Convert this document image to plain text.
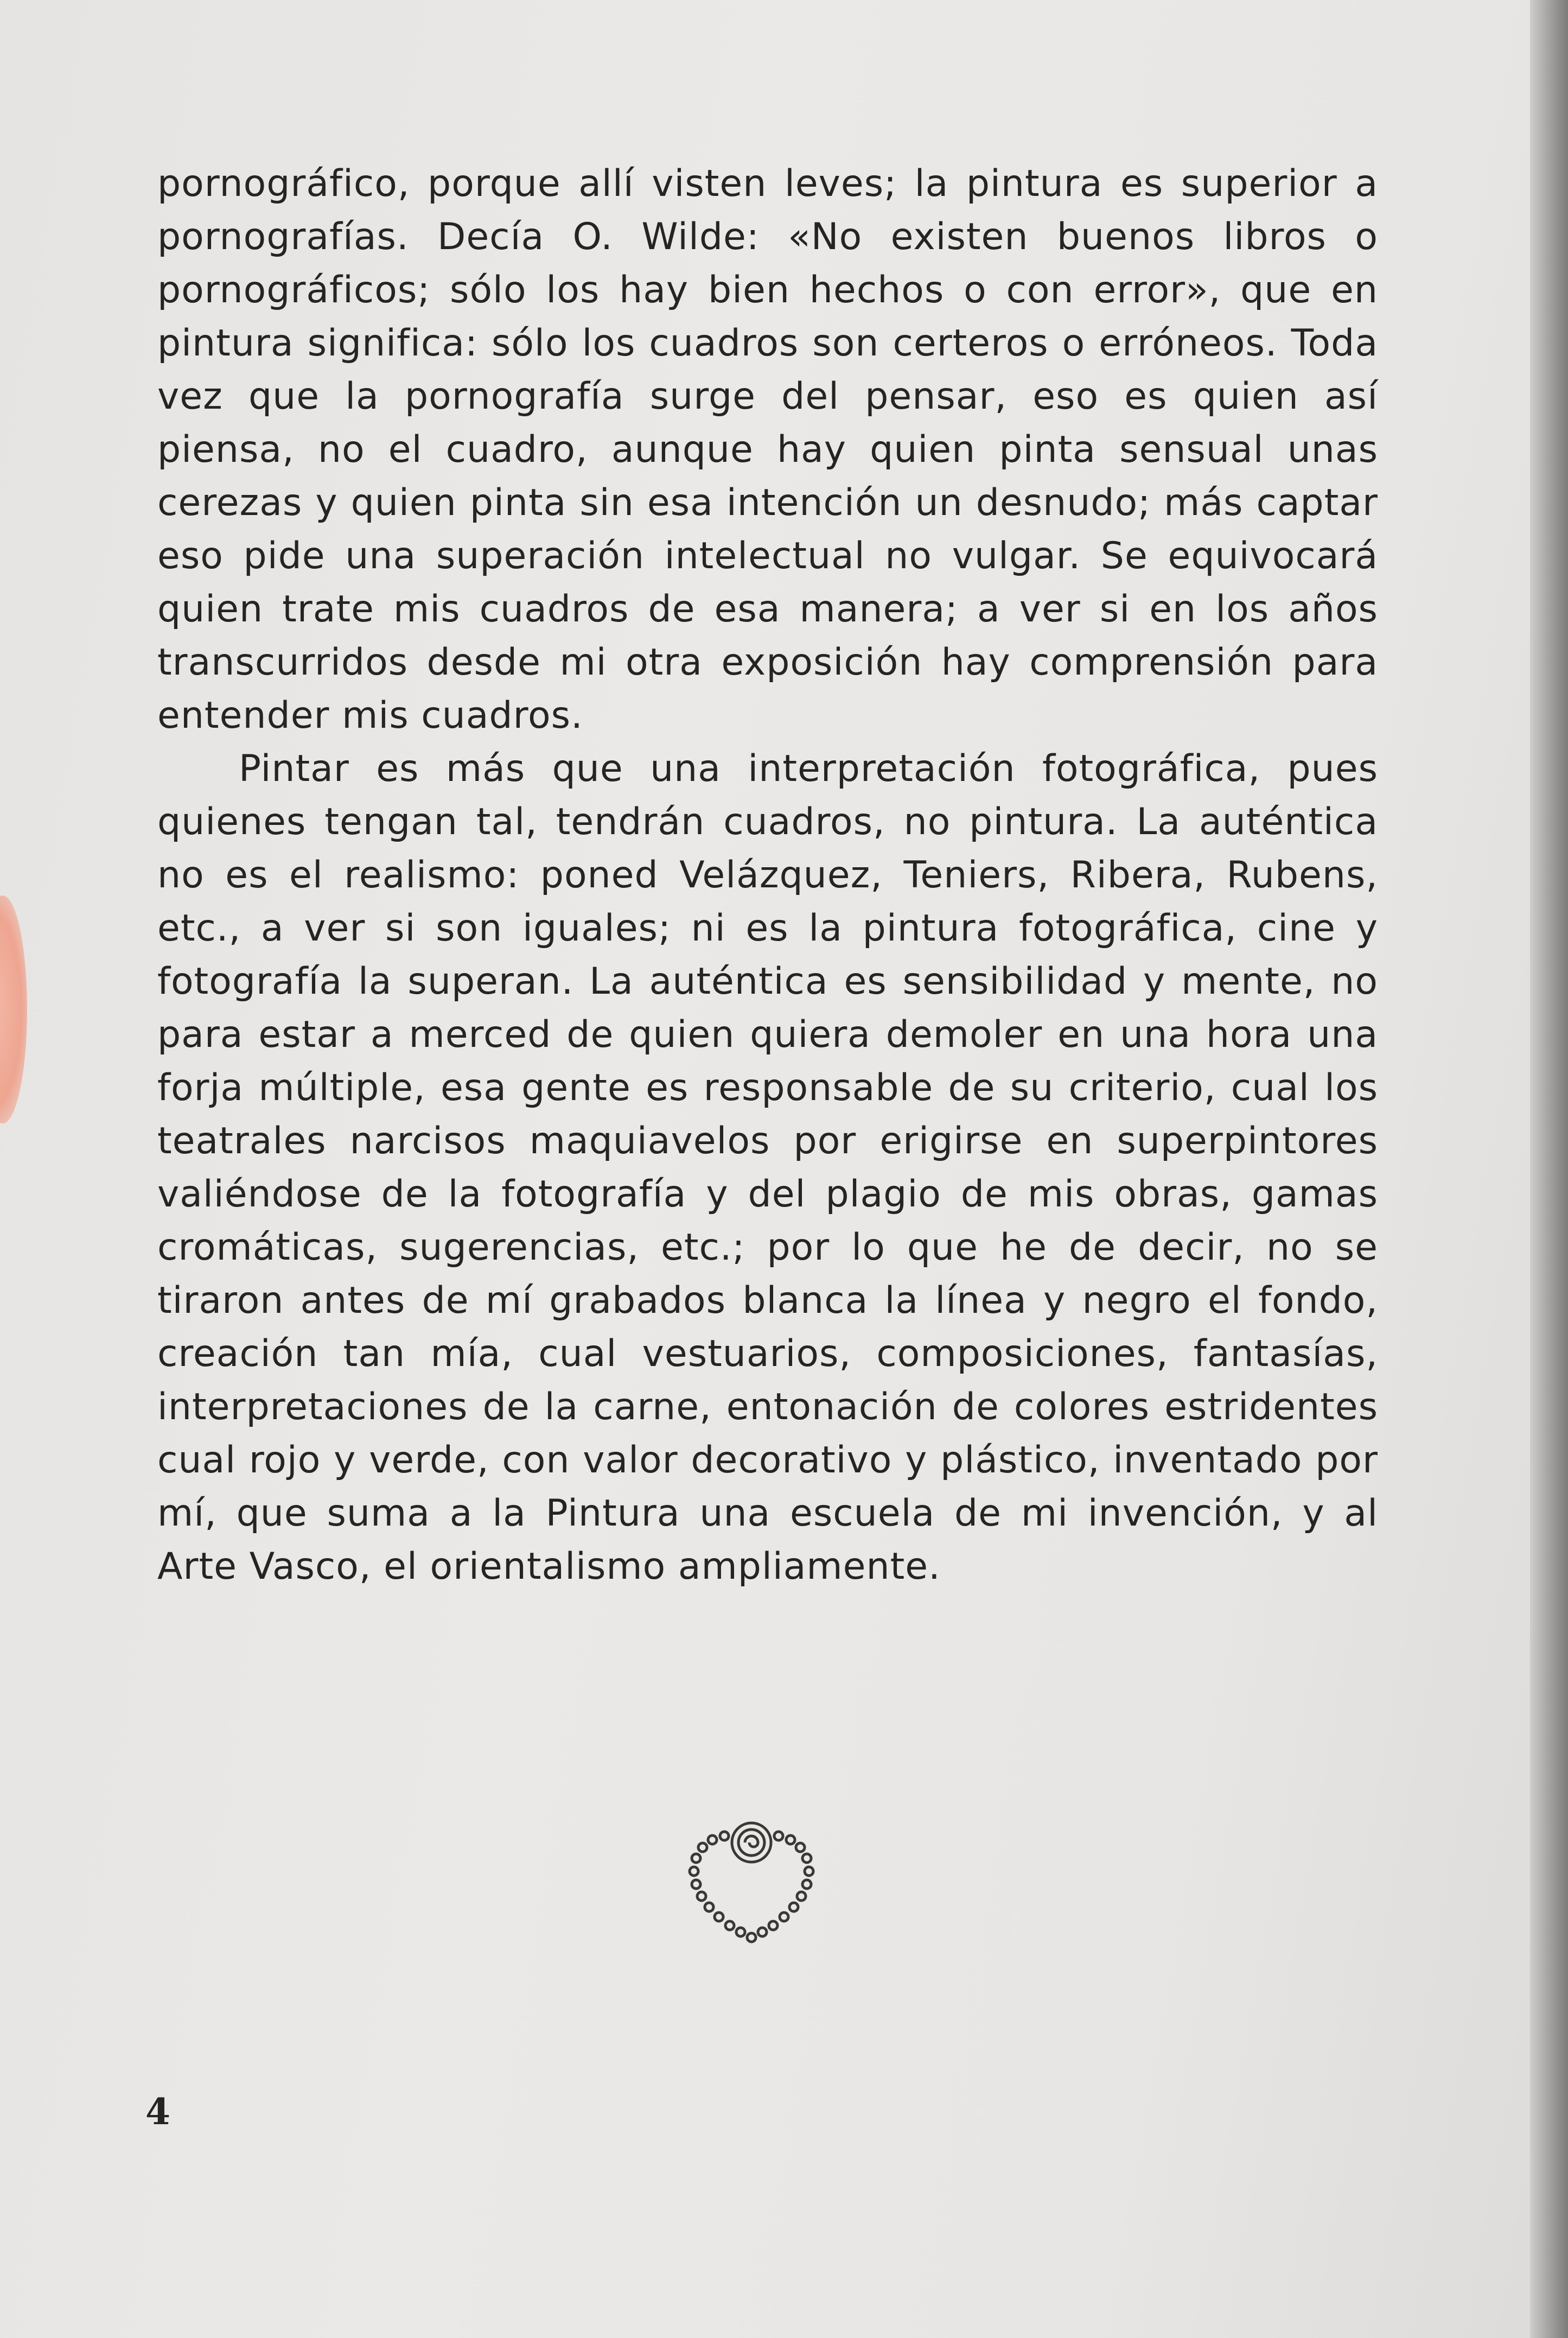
pornográfico, porque allí visten leves; la pintura es superior a pornografías. Decía O. Wilde: «No existen buenos libros o pornográficos; sólo los hay bien hechos o con error», que en pintura significa: sólo los cuadros son certeros o erróneos. Toda vez que la pornografía surge del pensar, eso es quien así piensa, no el cuadro, aunque hay quien pinta sensual unas cerezas y quien pinta sin esa intención un desnudo; más captar eso pide una superación intelectual no vulgar. Se equivocará quien trate mis cuadros de esa manera; a ver si en los años transcurridos desde mi otra exposición hay comprensión para entender mis cuadros.

Pintar es más que una interpretación fotográfica, pues quienes tengan tal, tendrán cuadros, no pintura. La auténtica no es el realismo: poned Velázquez, Teniers, Ribera, Rubens, etc., a ver si son iguales; ni es la pintura fotográfica, cine y fotografía la superan. La auténtica es sensibilidad y mente, no para estar a merced de quien quiera demoler en una hora una forja múltiple, esa gente es responsable de su criterio, cual los teatrales narcisos maquiavelos por erigirse en superpintores valiéndose de la fotografía y del plagio de mis obras, gamas cromáticas, sugerencias, etc.; por lo que he de decir, no se tiraron antes de mí grabados blanca la línea y negro el fondo, creación tan mía, cual vestuarios, composiciones, fantasías, interpretaciones de la carne, entonación de colores estridentes cual rojo y verde, con valor decorativo y plástico, inventado por mí, que suma a la Pintura una escuela de mi invención, y al Arte Vasco, el orientalismo ampliamente.

4
